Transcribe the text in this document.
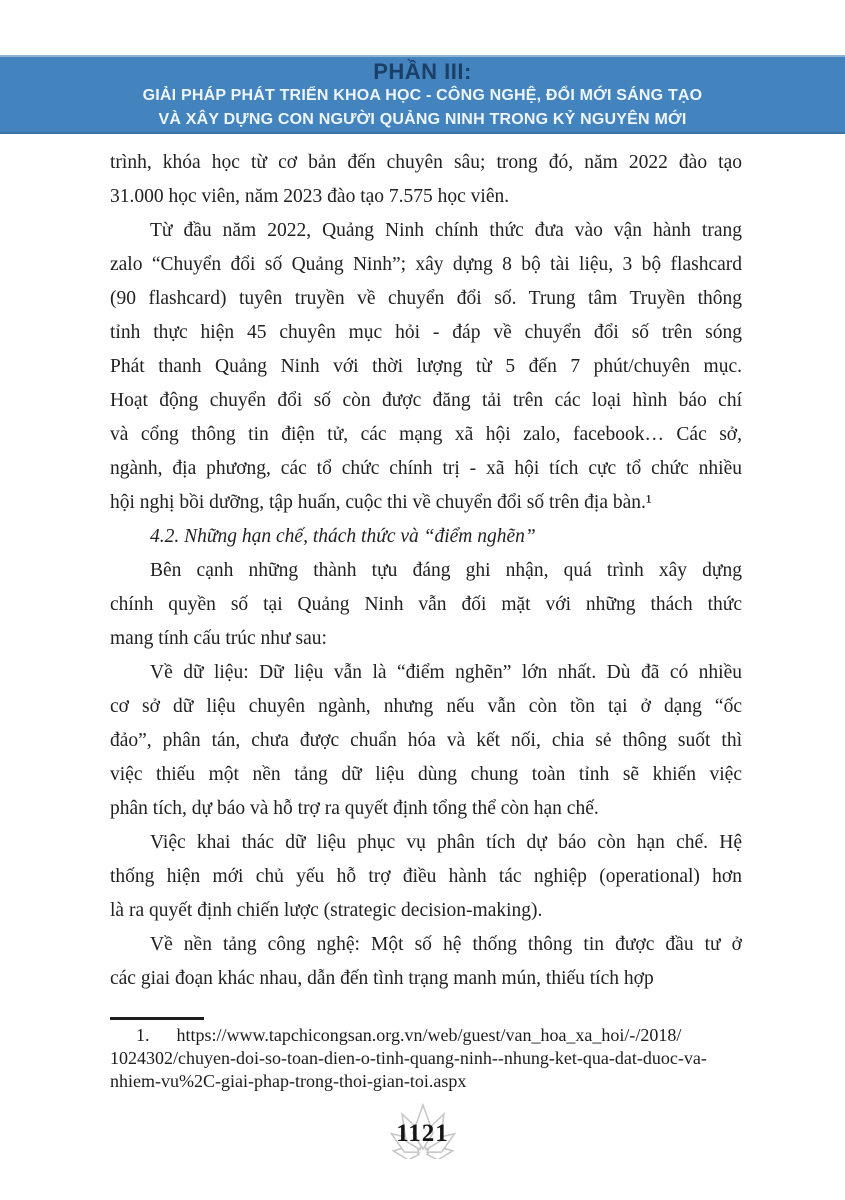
PHẦN III:
GIẢI PHÁP PHÁT TRIỂN KHOA HỌC - CÔNG NGHỆ, ĐỔI MỚI SÁNG TẠO
VÀ XÂY DỰNG CON NGƯỜI QUẢNG NINH TRONG KỶ NGUYÊN MỚI
trình, khóa học từ cơ bản đến chuyên sâu; trong đó, năm 2022 đào tạo
31.000 học viên, năm 2023 đào tạo 7.575 học viên.
Từ đầu năm 2022, Quảng Ninh chính thức đưa vào vận hành trang
zalo “Chuyển đổi số Quảng Ninh”; xây dựng 8 bộ tài liệu, 3 bộ flashcard
(90 flashcard) tuyên truyền về chuyển đổi số. Trung tâm Truyền thông
tỉnh thực hiện 45 chuyên mục hỏi - đáp về chuyển đổi số trên sóng
Phát thanh Quảng Ninh với thời lượng từ 5 đến 7 phút/chuyên mục.
Hoạt động chuyển đổi số còn được đăng tải trên các loại hình báo chí
và cổng thông tin điện tử, các mạng xã hội zalo, facebook… Các sở,
ngành, địa phương, các tổ chức chính trị - xã hội tích cực tổ chức nhiều
hội nghị bồi dưỡng, tập huấn, cuộc thi về chuyển đổi số trên địa bàn.¹
4.2. Những hạn chế, thách thức và “điểm nghẽn”
Bên cạnh những thành tựu đáng ghi nhận, quá trình xây dựng
chính quyền số tại Quảng Ninh vẫn đối mặt với những thách thức
mang tính cấu trúc như sau:
Về dữ liệu: Dữ liệu vẫn là “điểm nghẽn” lớn nhất. Dù đã có nhiều
cơ sở dữ liệu chuyên ngành, nhưng nếu vẫn còn tồn tại ở dạng “ốc
đảo”, phân tán, chưa được chuẩn hóa và kết nối, chia sẻ thông suốt thì
việc thiếu một nền tảng dữ liệu dùng chung toàn tỉnh sẽ khiến việc
phân tích, dự báo và hỗ trợ ra quyết định tổng thể còn hạn chế.
Việc khai thác dữ liệu phục vụ phân tích dự báo còn hạn chế. Hệ
thống hiện mới chủ yếu hỗ trợ điều hành tác nghiệp (operational) hơn
là ra quyết định chiến lược (strategic decision-making).
Về nền tảng công nghệ: Một số hệ thống thông tin được đầu tư ở
các giai đoạn khác nhau, dẫn đến tình trạng manh mún, thiếu tích hợp
1.      https://www.tapchicongsan.org.vn/web/guest/van_hoa_xa_hoi/-/2018/
1024302/chuyen-doi-so-toan-dien-o-tinh-quang-ninh--nhung-ket-qua-dat-duoc-va-
nhiem-vu%2C-giai-phap-trong-thoi-gian-toi.aspx
1121
